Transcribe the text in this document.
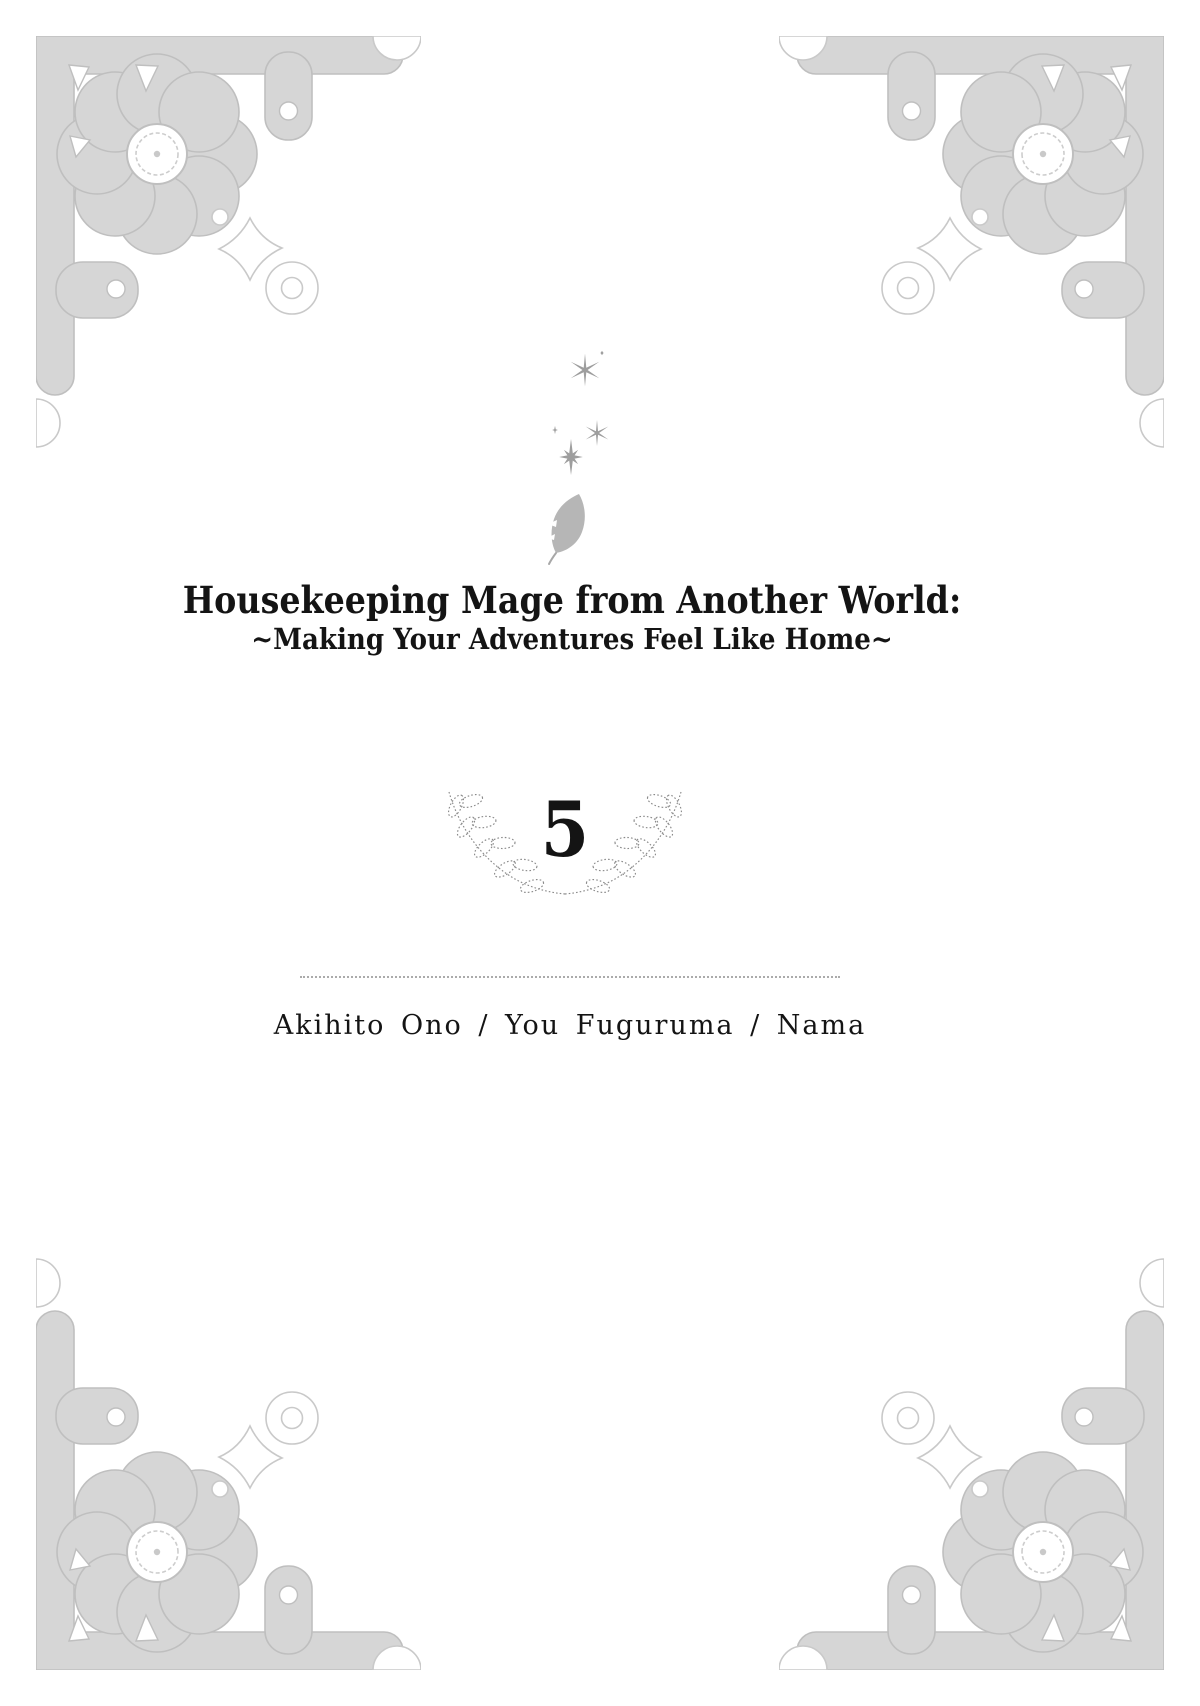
Housekeeping Mage from Another World:
~Making Your Adventures Feel Like Home~
5
Akihito Ono / You Fuguruma / Nama
